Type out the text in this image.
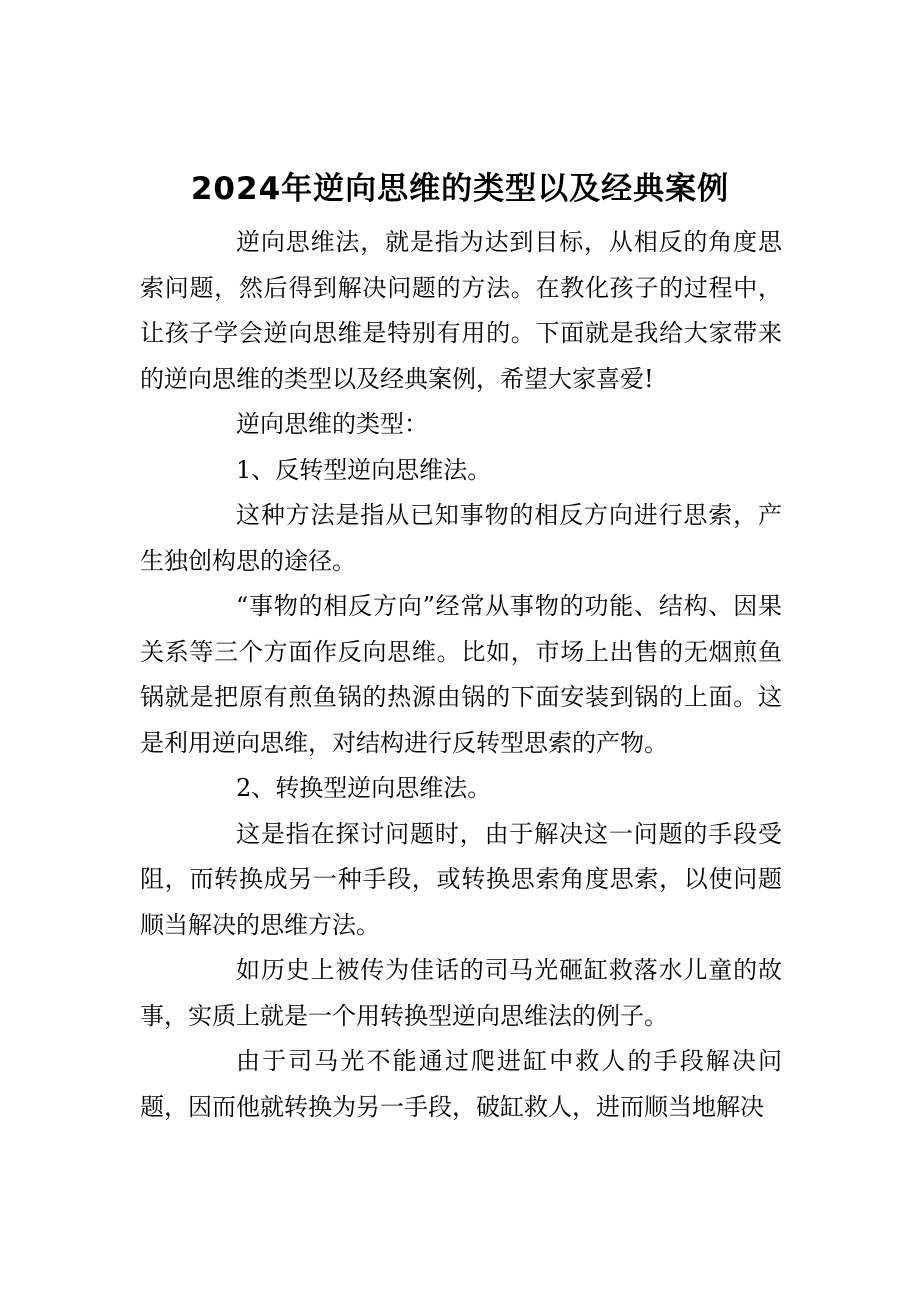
2024年逆向思维的类型以及经典案例

逆向思维法，就是指为达到目标，从相反的角度思索问题，然后得到解决问题的方法。在教化孩子的过程中，让孩子学会逆向思维是特别有用的。下面就是我给大家带来的逆向思维的类型以及经典案例，希望大家喜爱!

逆向思维的类型：

1、反转型逆向思维法。

这种方法是指从已知事物的相反方向进行思索，产生独创构思的途径。

“事物的相反方向”经常从事物的功能、结构、因果关系等三个方面作反向思维。比如，市场上出售的无烟煎鱼锅就是把原有煎鱼锅的热源由锅的下面安装到锅的上面。这是利用逆向思维，对结构进行反转型思索的产物。

2、转换型逆向思维法。

这是指在探讨问题时，由于解决这一问题的手段受阻，而转换成另一种手段，或转换思索角度思索，以使问题顺当解决的思维方法。

如历史上被传为佳话的司马光砸缸救落水儿童的故事，实质上就是一个用转换型逆向思维法的例子。

由于司马光不能通过爬进缸中救人的手段解决问题，因而他就转换为另一手段，破缸救人，进而顺当地解决
